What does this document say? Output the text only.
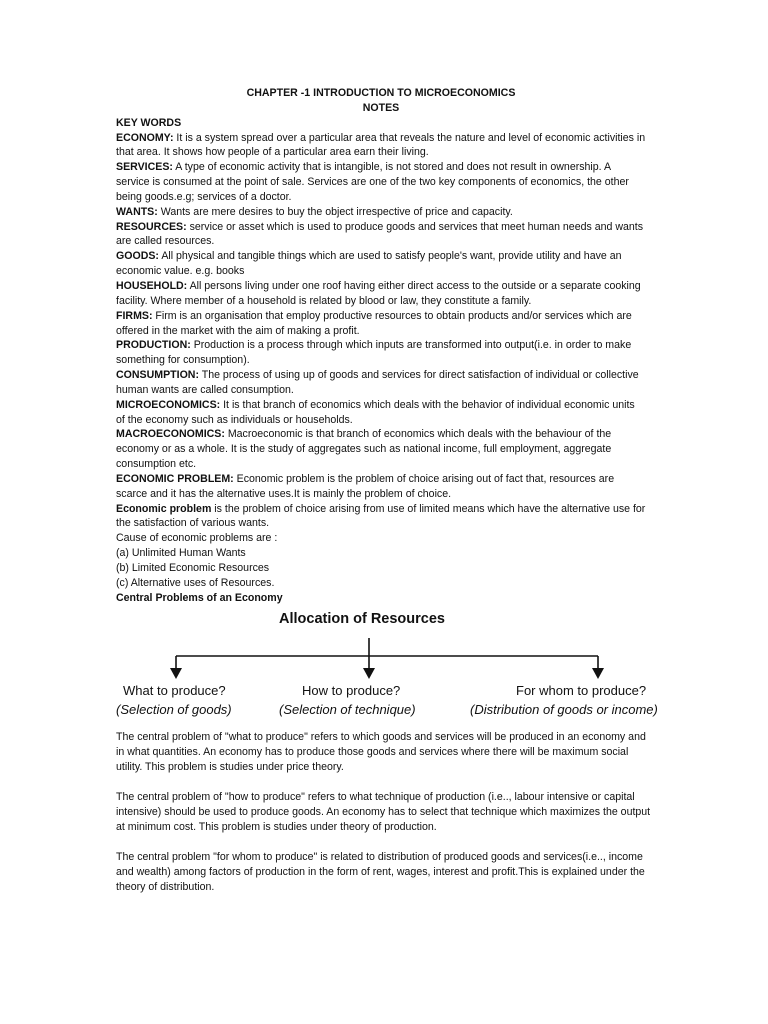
CHAPTER -1 INTRODUCTION TO MICROECONOMICS
NOTES
KEY WORDS
ECONOMY: It is a system spread over a particular area that reveals the nature and level of economic activities in that area. It shows how people of a particular area earn their living.
SERVICES: A type of economic activity that is intangible, is not stored and does not result in ownership. A service is consumed at the point of sale. Services are one of the two key components of economics, the other being goods.e.g; services of a doctor.
WANTS: Wants are mere desires to buy the object irrespective of price and capacity.
RESOURCES: service or asset which is used to produce goods and services that meet human needs and wants are called resources.
GOODS: All physical and tangible things which are used to satisfy people's want, provide utility and have an economic value. e.g. books
HOUSEHOLD: All persons living under one roof having either direct access to the outside or a separate cooking facility. Where member of a household is related by blood or law, they constitute a family.
FIRMS: Firm is an organisation that employ productive resources to obtain products and/or services which are offered in the market with the aim of making a profit.
PRODUCTION: Production is a process through which inputs are transformed into output(i.e. in order to make something for consumption).
CONSUMPTION: The process of using up of goods and services for direct satisfaction of individual or collective human wants are called consumption.
MICROECONOMICS: It is that branch of economics which deals with the behavior of individual economic units of the economy such as individuals or households.
MACROECONOMICS: Macroeconomic is that branch of economics which deals with the behaviour of the economy or as a whole. It is the study of aggregates such as national income, full employment, aggregate consumption etc.
ECONOMIC PROBLEM: Economic problem is the problem of choice arising out of fact that, resources are scarce and it has the alternative uses.It is mainly the problem of choice.
Economic problem is the problem of choice arising from use of limited means which have the alternative use for the satisfaction of various wants.
Cause of economic problems are :
(a) Unlimited Human Wants
(b) Limited Economic Resources
(c) Alternative uses of Resources.
Central Problems of an Economy
Allocation of Resources
What to produce?
(Selection of goods)
How to produce?
(Selection of technique)
For whom to produce?
(Distribution of goods or income)

The central problem of "what to produce" refers to which goods and services will be produced in an economy and in what quantities. An economy has to produce those goods and services where there will be maximum social utility. This problem is studies under price theory.

The central problem of "how to produce" refers to what technique of production (i.e.., labour intensive or capital intensive) should be used to produce goods. An economy has to select that technique which maximizes the output at minimum cost. This problem is studies under theory of production.

The central problem "for whom to produce" is related to distribution of produced goods and services(i.e.., income and wealth) among factors of production in the form of rent, wages, interest and profit.This is explained under the theory of distribution.
